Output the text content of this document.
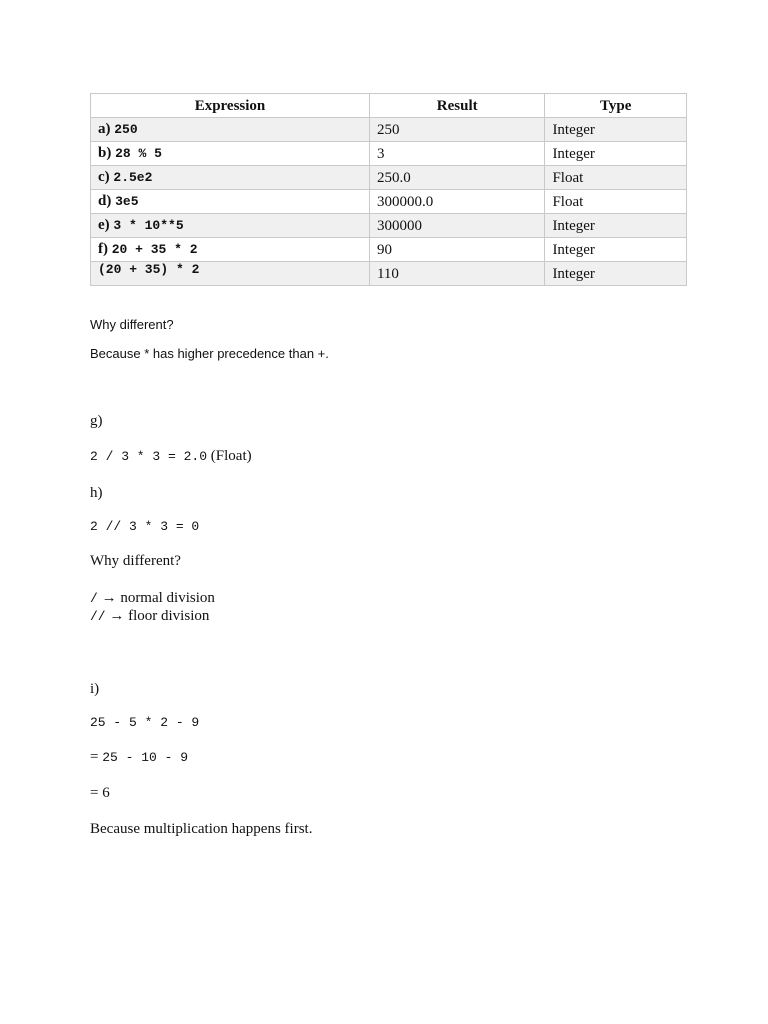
Expression	Result	Type
a) 250	250	Integer
b) 28 % 5	3	Integer
c) 2.5e2	250.0	Float
d) 3e5	300000.0	Float
e) 3 * 10**5	300000	Integer
f) 20 + 35 * 2	90	Integer
(20 + 35) * 2	110	Integer

Why different?

Because * has higher precedence than +.

g)

2 / 3 * 3 = 2.0 (Float)

h)

2 // 3 * 3 = 0

Why different?

/ → normal division

// → floor division

i)

25 - 5 * 2 - 9

= 25 - 10 - 9

= 6

Because multiplication happens first.
